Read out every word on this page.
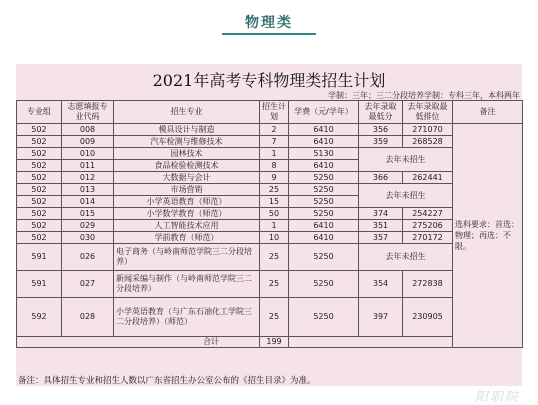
物理类
2021年高考专科物理类招生计划
学制：三年；三二分段培养学制：专科三年，本科两年
专业组	志愿填报专业代码	招生专业	招生计划	学费（元/学年）	去年录取最低分	去年录取最低排位	备注
502	008	模具设计与制造	2	6410	356	271070	选科要求：首选：物理；再选：不限。
502	009	汽车检测与维修技术	7	6410	359	268528	
502	010	园林技术	1	5130	去年未招生		
502	011	食品检验检测技术	8	6410			
502	012	大数据与会计	9	5250	366	262441	
502	013	市场营销	25	5250	去年未招生		
502	014	小学英语教育（师范）	15	5250			
502	015	小学数学教育（师范）	50	5250	374	254227	
502	029	人工智能技术应用	1	6410	351	275206	
502	030	学前教育（师范）	10	6410	357	270172	
591	026	电子商务（与岭南师范学院三二分段培养）	25	5250	去年未招生		
591	027	新闻采编与制作（与岭南师范学院三二分段培养）	25	5250	354	272838	
592	028	小学英语教育（与广东石油化工学院三二分段培养）（师范）	25	5250	397	230905	
合计			199				
备注：具体招生专业和招生人数以广东省招生办公室公布的《招生目录》为准。
阳职院
